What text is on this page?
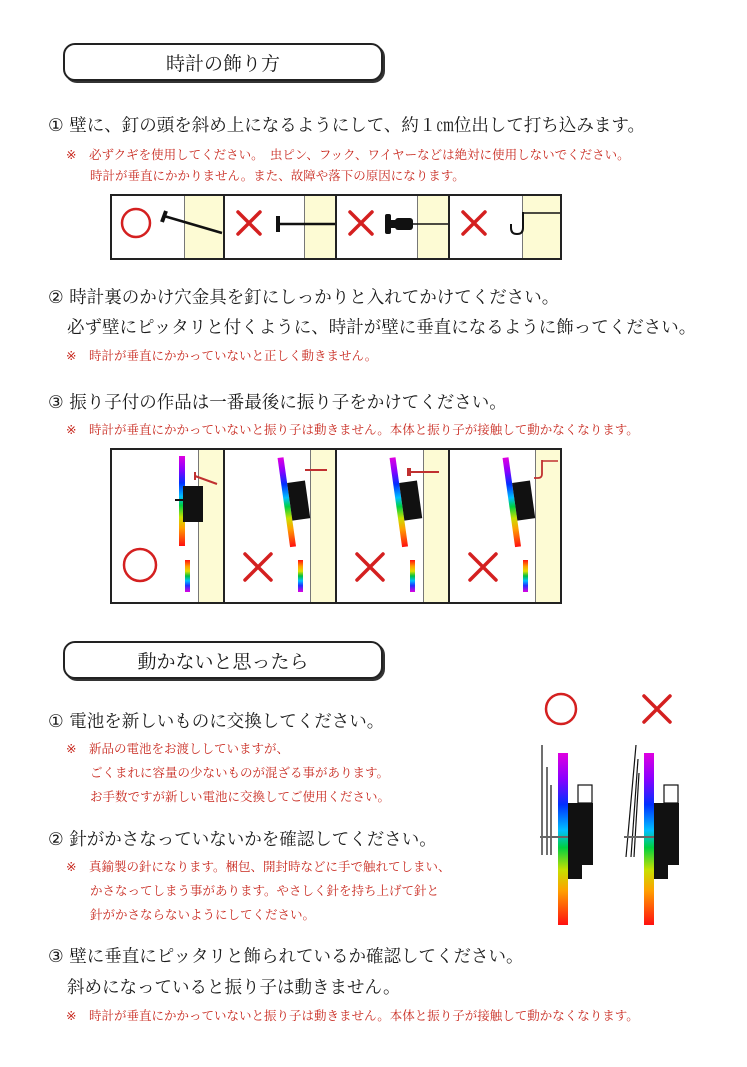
時計の飾り方
① 壁に、釘の頭を斜め上になるようにして、約１㎝位出して打ち込みます。
※　必ずクギを使用してください。　虫ピン、フック、ワイヤーなどは絶対に使用しないでください。
時計が垂直にかかりません。また、故障や落下の原因になります。
② 時計裏のかけ穴金具を釘にしっかりと入れてかけてください。
必ず壁にピッタリと付くように、時計が壁に垂直になるように飾ってください。
※　時計が垂直にかかっていないと正しく動きません。
③ 振り子付の作品は一番最後に振り子をかけてください。
※　時計が垂直にかかっていないと振り子は動きません。本体と振り子が接触して動かなくなります。
動かないと思ったら
① 電池を新しいものに交換してください。
※　新品の電池をお渡ししていますが、
ごくまれに容量の少ないものが混ざる事があります。
お手数ですが新しい電池に交換してご使用ください。
② 針がかさなっていないかを確認してください。
※　真鍮製の針になります。梱包、開封時などに手で触れてしまい、
かさなってしまう事があります。やさしく針を持ち上げて針と
針がかさならないようにしてください。
③ 壁に垂直にピッタリと飾られているか確認してください。
斜めになっていると振り子は動きません。
※　時計が垂直にかかっていないと振り子は動きません。本体と振り子が接触して動かなくなります。
